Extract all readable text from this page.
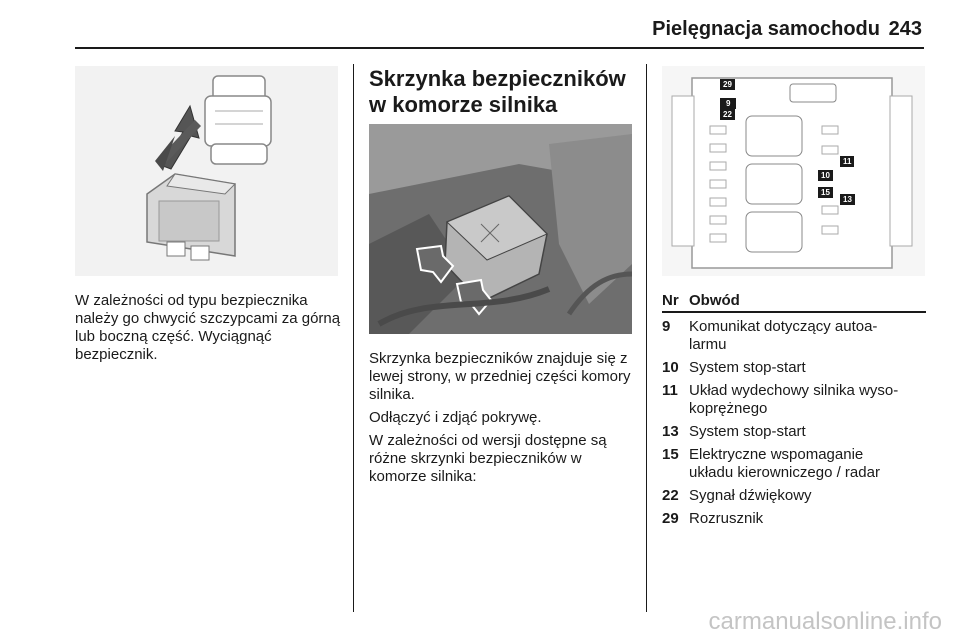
Pielęgnacja samochodu 243

W zależności od typu bezpiecznika należy go chwycić szczypcami za górną lub boczną część. Wyciągnąć bezpiecznik.

Skrzynka bezpieczników w komorze silnika

Skrzynka bezpieczników znajduje się z lewej strony, w przedniej części komory silnika.

Odłączyć i zdjąć pokrywę.

W zależności od wersji dostępne są różne skrzynki bezpieczników w komorze silnika:

29
9
22
11
10
15
13
Nr Obwód
9	Komunikat dotyczący autoa-
larmu
10 System stop-start
11 Układ wydechowy silnika wyso-
koprężnego
13 System stop-start
15 Elektryczne wspomaganie
układu kierowniczego / radar
22 Sygnał dźwiękowy
29 Rozrusznik
carmanualsonline.info
